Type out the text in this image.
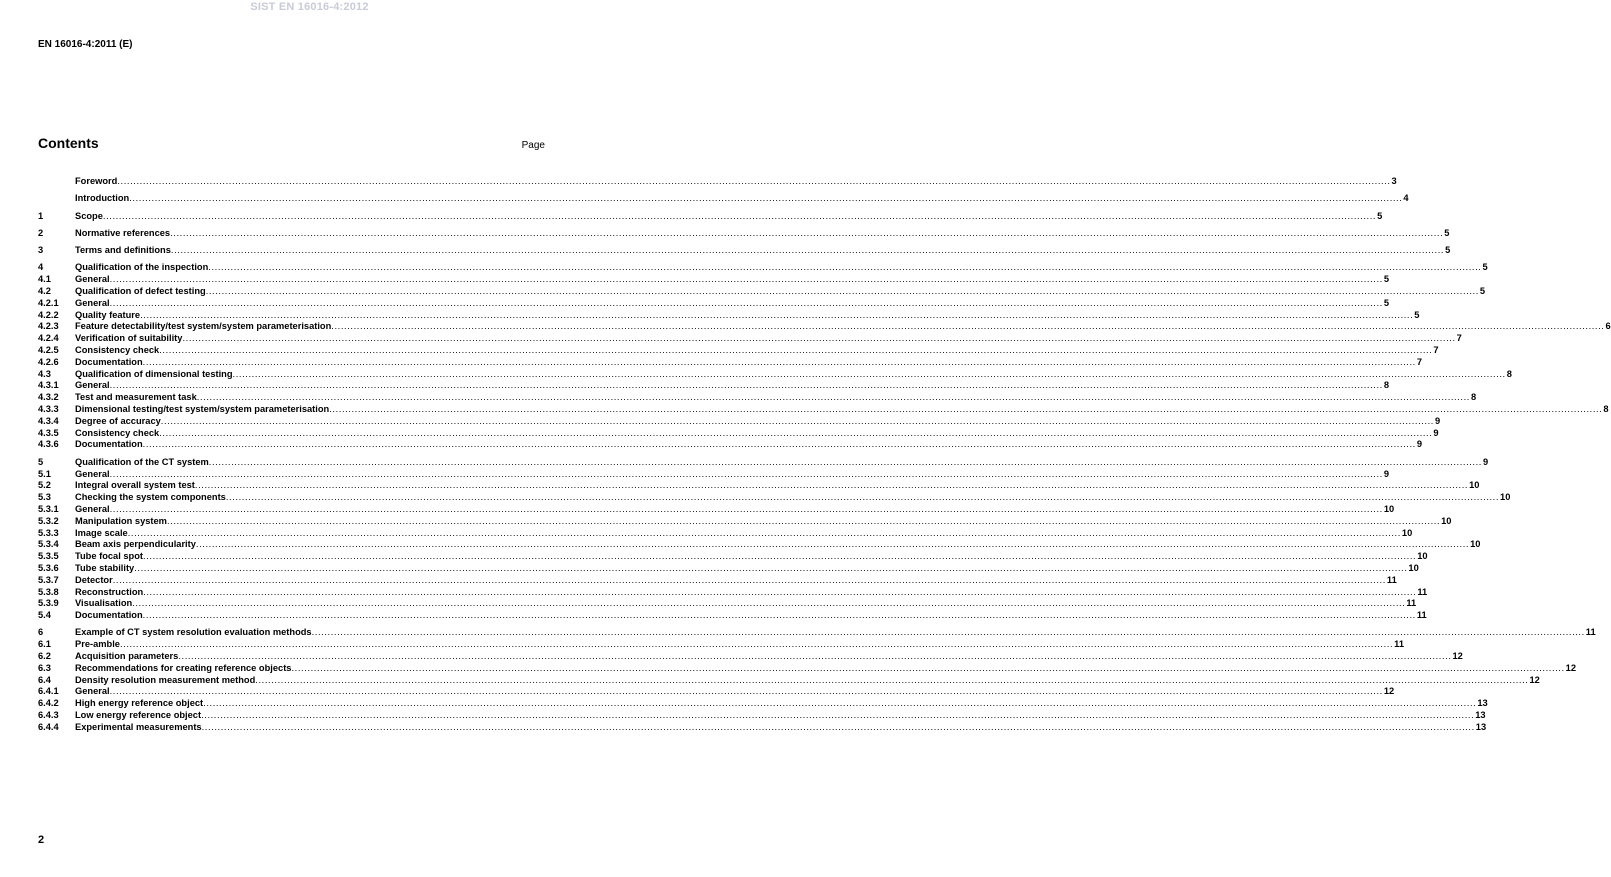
SIST EN 16016-4:2012
EN 16016-4:2011 (E)
Contents	Page
Foreword ................................................................................................................................................................................................................................................................................................................................................................................................................ 3
Introduction ................................................................................................................................................................................................................................................................................................................................................................................................................ 4
1	Scope ................................................................................................................................................................................................................................................................................................................................................................................................................ 5
2	Normative references ................................................................................................................................................................................................................................................................................................................................................................................................................ 5
3	Terms and definitions ................................................................................................................................................................................................................................................................................................................................................................................................................ 5
4	Qualification of the inspection ................................................................................................................................................................................................................................................................................................................................................................................................................ 5
4.1	General ................................................................................................................................................................................................................................................................................................................................................................................................................ 5
4.2	Qualification of defect testing ................................................................................................................................................................................................................................................................................................................................................................................................................ 5
4.2.1	General ................................................................................................................................................................................................................................................................................................................................................................................................................ 5
4.2.2	Quality feature ................................................................................................................................................................................................................................................................................................................................................................................................................ 5
4.2.3	Feature detectability/test system/system parameterisation ................................................................................................................................................................................................................................................................................................................................................................................................................ 6
4.2.4	Verification of suitability ................................................................................................................................................................................................................................................................................................................................................................................................................ 7
4.2.5	Consistency check ................................................................................................................................................................................................................................................................................................................................................................................................................ 7
4.2.6	Documentation ................................................................................................................................................................................................................................................................................................................................................................................................................ 7
4.3	Qualification of dimensional testing ................................................................................................................................................................................................................................................................................................................................................................................................................ 8
4.3.1	General ................................................................................................................................................................................................................................................................................................................................................................................................................ 8
4.3.2	Test and measurement task ................................................................................................................................................................................................................................................................................................................................................................................................................ 8
4.3.3	Dimensional testing/test system/system parameterisation ................................................................................................................................................................................................................................................................................................................................................................................................................ 8
4.3.4	Degree of accuracy ................................................................................................................................................................................................................................................................................................................................................................................................................ 9
4.3.5	Consistency check ................................................................................................................................................................................................................................................................................................................................................................................................................ 9
4.3.6	Documentation ................................................................................................................................................................................................................................................................................................................................................................................................................ 9
5	Qualification of the CT system ................................................................................................................................................................................................................................................................................................................................................................................................................ 9
5.1	General ................................................................................................................................................................................................................................................................................................................................................................................................................ 9
5.2	Integral overall system test ................................................................................................................................................................................................................................................................................................................................................................................................................ 10
5.3	Checking the system components ................................................................................................................................................................................................................................................................................................................................................................................................................ 10
5.3.1	General ................................................................................................................................................................................................................................................................................................................................................................................................................ 10
5.3.2	Manipulation system ................................................................................................................................................................................................................................................................................................................................................................................................................ 10
5.3.3	Image scale ................................................................................................................................................................................................................................................................................................................................................................................................................ 10
5.3.4	Beam axis perpendicularity ................................................................................................................................................................................................................................................................................................................................................................................................................ 10
5.3.5	Tube focal spot ................................................................................................................................................................................................................................................................................................................................................................................................................ 10
5.3.6	Tube stability ................................................................................................................................................................................................................................................................................................................................................................................................................ 10
5.3.7	Detector ................................................................................................................................................................................................................................................................................................................................................................................................................ 11
5.3.8	Reconstruction ................................................................................................................................................................................................................................................................................................................................................................................................................ 11
5.3.9	Visualisation ................................................................................................................................................................................................................................................................................................................................................................................................................ 11
5.4	Documentation ................................................................................................................................................................................................................................................................................................................................................................................................................ 11
6	Example of CT system resolution evaluation methods ................................................................................................................................................................................................................................................................................................................................................................................................................ 11
6.1	Pre-amble ................................................................................................................................................................................................................................................................................................................................................................................................................ 11
6.2	Acquisition parameters ................................................................................................................................................................................................................................................................................................................................................................................................................ 12
6.3	Recommendations for creating reference objects ................................................................................................................................................................................................................................................................................................................................................................................................................ 12
6.4	Density resolution measurement method ................................................................................................................................................................................................................................................................................................................................................................................................................ 12
6.4.1	General ................................................................................................................................................................................................................................................................................................................................................................................................................ 12
6.4.2	High energy reference object ................................................................................................................................................................................................................................................................................................................................................................................................................ 13
6.4.3	Low energy reference object ................................................................................................................................................................................................................................................................................................................................................................................................................ 13
6.4.4	Experimental measurements ................................................................................................................................................................................................................................................................................................................................................................................................................ 13
2
